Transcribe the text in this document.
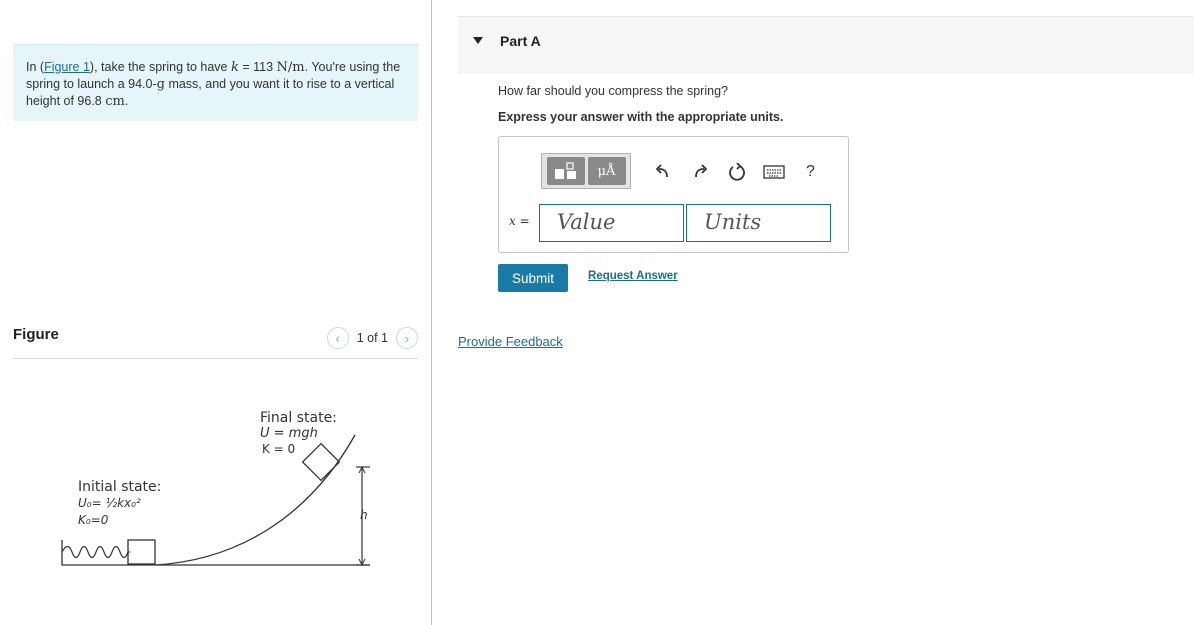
In (Figure 1), take the spring to have k = 113 N/m. You're using the spring to launch a 94.0-g mass, and you want it to rise to a vertical height of 96.8 cm.
Figure	‹ 1 of 1 ›
Final state:
U = mgh
K = 0
Initial state:
U₀= ½kx₀²
K₀=0	h
Part A
How far should you compress the spring?
Express your answer with the appropriate units.
μÅ	?
x =	Value	Units
Submit	Request Answer
Provide Feedback
